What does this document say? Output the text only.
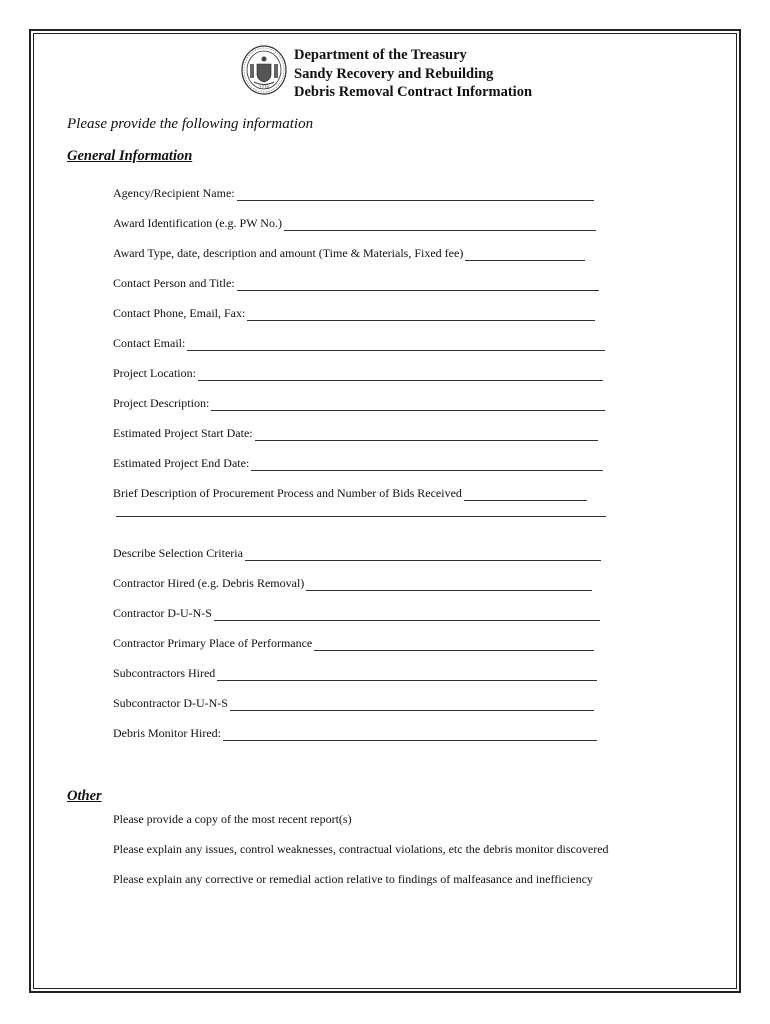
1776
Department of the Treasury
Sandy Recovery and Rebuilding
Debris Removal Contract Information
Please provide the following information
General Information
Agency/Recipient Name:
Award Identification (e.g. PW No.)
Award Type, date, description and amount (Time & Materials, Fixed fee)
Contact Person and Title:
Contact Phone, Email, Fax:
Contact Email:
Project Location:
Project Description:
Estimated Project Start Date:
Estimated Project End Date:
Brief Description of Procurement Process and Number of Bids Received
Describe Selection Criteria
Contractor Hired (e.g. Debris Removal)
Contractor D-U-N-S
Contractor Primary Place of Performance
Subcontractors Hired
Subcontractor D-U-N-S
Debris Monitor Hired:
Other
Please provide a copy of the most recent report(s)
Please explain any issues, control weaknesses, contractual violations, etc the debris monitor discovered
Please explain any corrective or remedial action relative to findings of malfeasance and inefficiency
